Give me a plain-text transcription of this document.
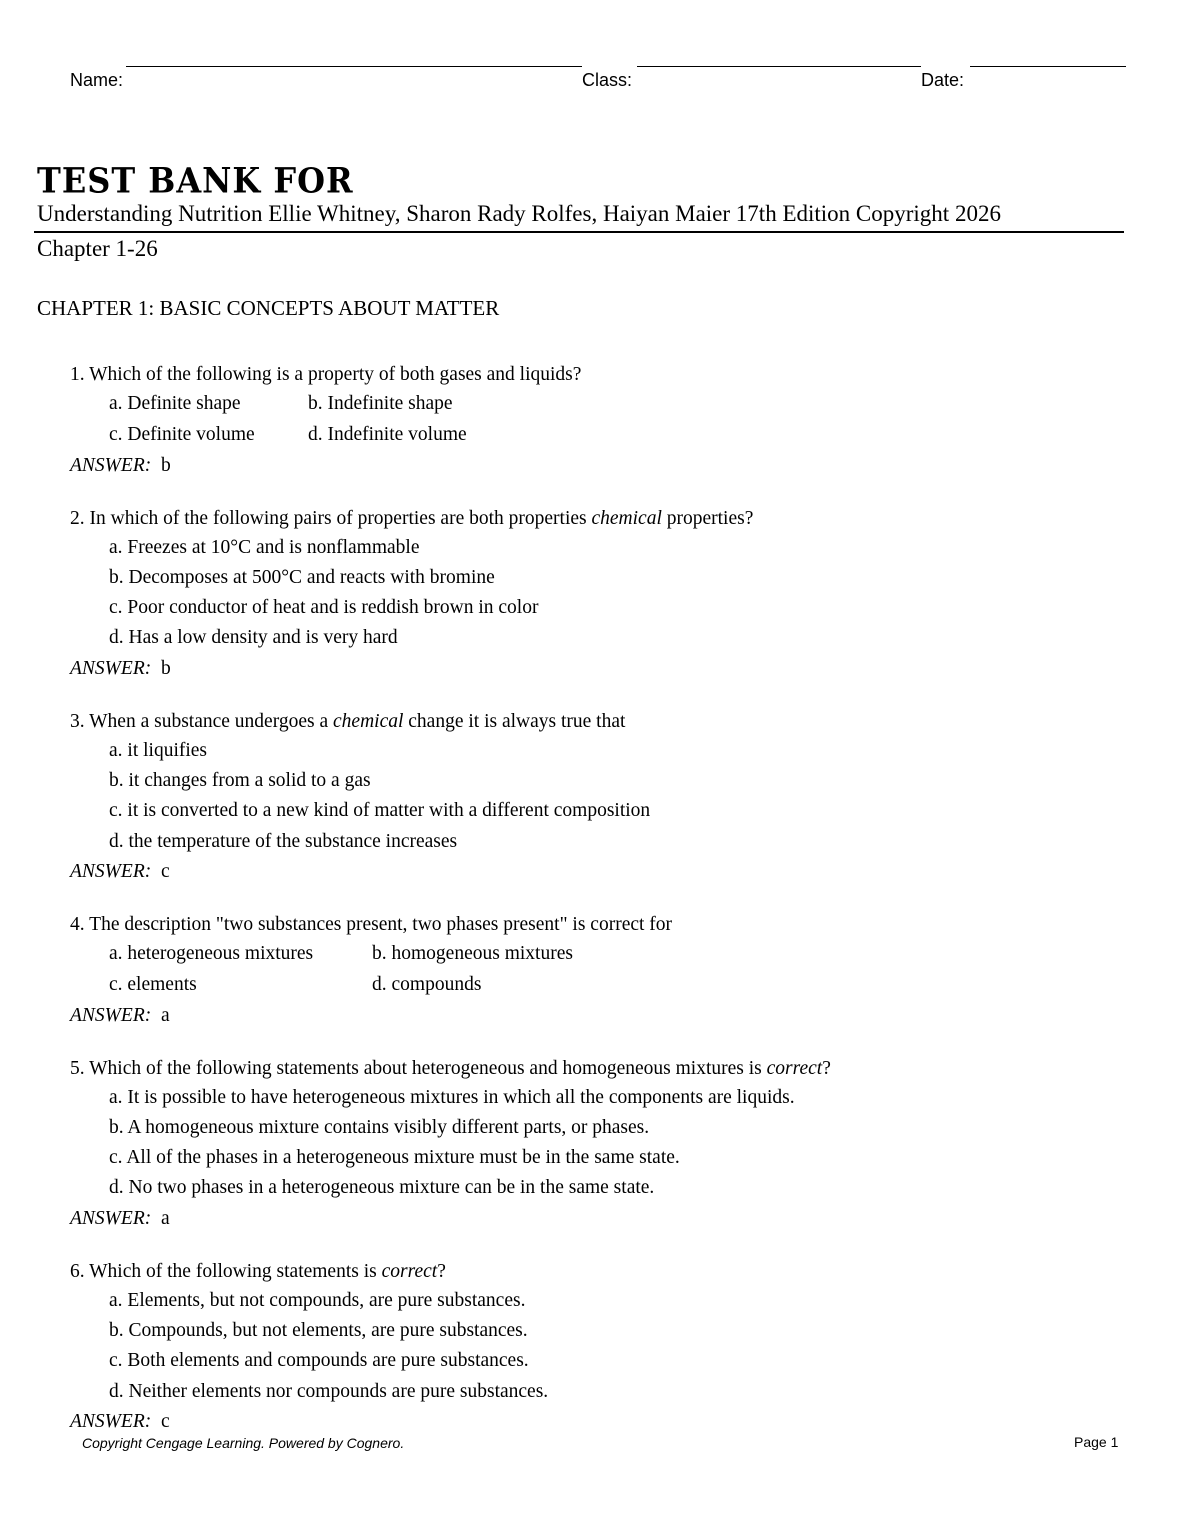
Name:	Class:	Date:
TEST BANK FOR
Understanding Nutrition Ellie Whitney, Sharon Rady Rolfes, Haiyan Maier 17th Edition Copyright 2026
Chapter 1-26
CHAPTER 1: BASIC CONCEPTS ABOUT MATTER
1. Which of the following is a property of both gases and liquids?
a. Definite shape	b. Indefinite shape
c. Definite volume	d. Indefinite volume
ANSWER: b
2. In which of the following pairs of properties are both properties chemical properties?
a. Freezes at 10°C and is nonflammable
b. Decomposes at 500°C and reacts with bromine
c. Poor conductor of heat and is reddish brown in color
d. Has a low density and is very hard
ANSWER: b
3. When a substance undergoes a chemical change it is always true that
a. it liquifies
b. it changes from a solid to a gas
c. it is converted to a new kind of matter with a different composition
d. the temperature of the substance increases
ANSWER: c
4. The description "two substances present, two phases present" is correct for
a. heterogeneous mixtures	b. homogeneous mixtures
c. elements	d. compounds
ANSWER: a
5. Which of the following statements about heterogeneous and homogeneous mixtures is correct?
a. It is possible to have heterogeneous mixtures in which all the components are liquids.
b. A homogeneous mixture contains visibly different parts, or phases.
c. All of the phases in a heterogeneous mixture must be in the same state.
d. No two phases in a heterogeneous mixture can be in the same state.
ANSWER: a
6. Which of the following statements is correct?
a. Elements, but not compounds, are pure substances.
b. Compounds, but not elements, are pure substances.
c. Both elements and compounds are pure substances.
d. Neither elements nor compounds are pure substances.
ANSWER: c
Copyright Cengage Learning. Powered by Cognero.	Page 1
